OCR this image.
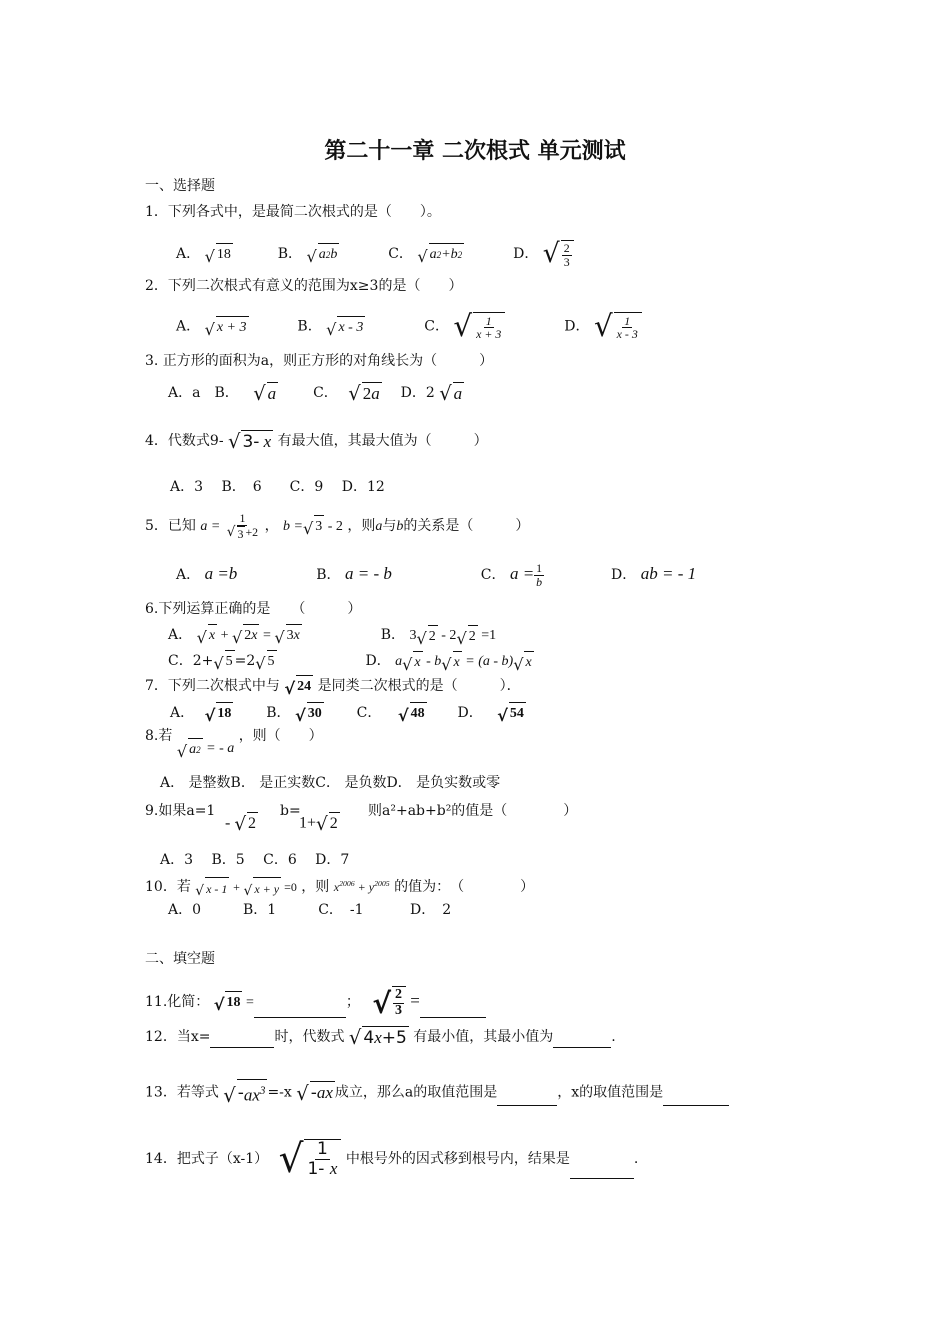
第二十一章 二次根式 单元测试
一、选择题
1．下列各式中，是最简二次根式的是（　　）。
A． √ 18	B． √ a 2 b	C． √ a 2 +b 2	D． √ $\frac{2}{3}$
2．下列二次根式有意义的范围为x≥3的是（　　）
A． √ x + 3	B． √ x - 3	C． √ $\frac{1}{x + 3}$	D． √ $\frac{1}{x - 3}$
3. 正方形的面积为a，则正方形的对角线长为（　　　）
A．a　B． √ a	C． √ 2 a D．2 √ a
4．代数式9- √ 3- x 有最大值，其最大值为（　　　）
A．3　 B．　6　　C．9　 D．12
5．已知 $a = \frac{1}{√ 3 +2}$ ， b = √ 3 - 2 ，则a与b的关系是（　　　）
A． a =b	B． a = - b	C． $a = \frac{1}{b}$	D． ab = - 1
6.下列运算正确的是　　（　　　）
A． √ x + √ 2 x = √ 3 x	B． 3 √ 2 - 2 √ 2 =1
C．2+ √ 5 =2 √ 5	D． a √ x - b √ x = (a - b) √ x
7．下列二次根式中与 √ 24 是同类二次根式的是（　　　）．
A． √ 18 B． √ 30 C． √ 48 D． √ 54
8.若
√ a 2 = - a ，则（　　）
A． 是整数B． 是正实数C． 是负数D． 是负实数或零
9.如果a=1
- √ 2
b=
1+ √ 2
则a²+ab+b²的值是（　　　　）
A．3　 B．5　 C．6　 D．7
10．若 √ x - 1 + √ x + y =0 ，则 $x^{2006} + y^{2005}$ 的值为：　（　　　　）
A．0　　　B．1　　　C．　-1　　　 D．　2
二、填空题
11.化简： √ 18 =	； √ $\frac{2}{3}$ =
12．当x=	时，代数式 √ 4 x +5 有最小值，其最小值为	.
13．若等式 √ - $ax^3 =-x$ √ - ax 成立，那么a的取值范围是	，x的取值范围是
14．把式子（x-1） √ $\frac{1}{1- x}$ 中根号外的因式移到根号内，结果是	.
